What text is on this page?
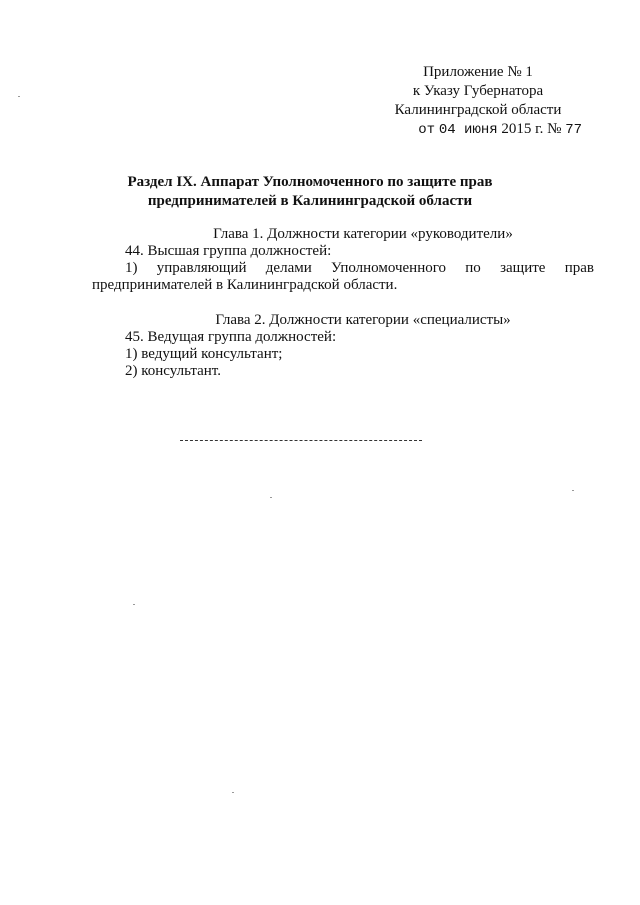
Приложение № 1
к Указу Губернатора
Калининградской области
от 04 июня 2015 г. № 77
Раздел IX. Аппарат Уполномоченного по защите прав
предпринимателей в Калининградской области
Глава 1. Должности категории «руководители»
44. Высшая группа должностей:
1) управляющий делами Уполномоченного по защите прав
предпринимателей в Калининградской области.
Глава 2. Должности категории «специалисты»
45. Ведущая группа должностей:
1) ведущий консультант;
2) консультант.
